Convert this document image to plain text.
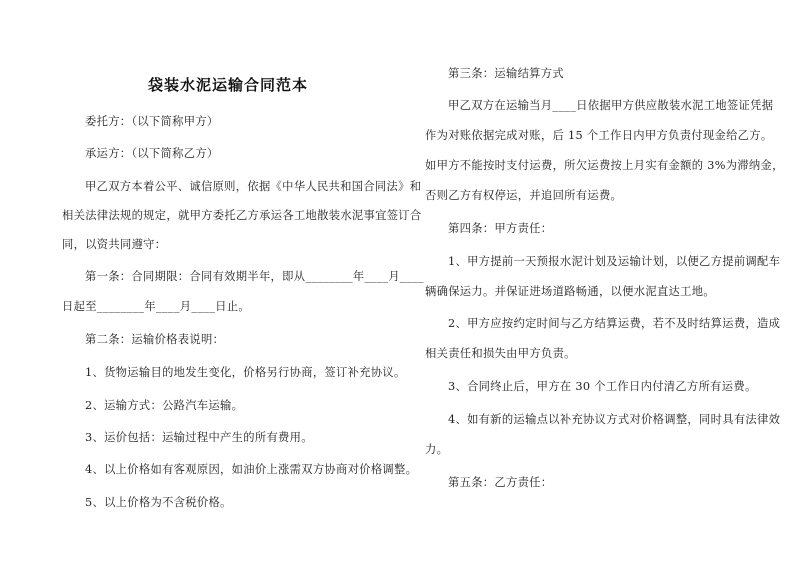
袋装水泥运输合同范本
委托方：（以下简称甲方）
承运方：（以下简称乙方）
甲乙双方本着公平、诚信原则，依据《中华人民共和国合同法》和
相关法律法规的规定，就甲方委托乙方承运各工地散装水泥事宜签订合
同，以资共同遵守：
第一条：合同期限：合同有效期半年，即从________年____月____
日起至________年____月____日止。
第二条：运输价格表说明：
1、货物运输目的地发生变化，价格另行协商，签订补充协议。
2、运输方式：公路汽车运输。
3、运价包括：运输过程中产生的所有费用。
4、以上价格如有客观原因，如油价上涨需双方协商对价格调整。
5、以上价格为不含税价格。
第三条：运输结算方式
甲乙双方在运输当月____日依据甲方供应散装水泥工地签证凭据
作为对账依据完成对账，后 15 个工作日内甲方负责付现金给乙方。
如甲方不能按时支付运费，所欠运费按上月实有金额的 3%为滞纳金，
否则乙方有权停运，并追回所有运费。
第四条：甲方责任：
1、甲方提前一天预报水泥计划及运输计划，以便乙方提前调配车
辆确保运力。并保证进场道路畅通，以便水泥直达工地。
2、甲方应按约定时间与乙方结算运费，若不及时结算运费，造成
相关责任和损失由甲方负责。
3、合同终止后，甲方在 30 个工作日内付清乙方所有运费。
4、如有新的运输点以补充协议方式对价格调整，同时具有法律效
力。
第五条：乙方责任：
